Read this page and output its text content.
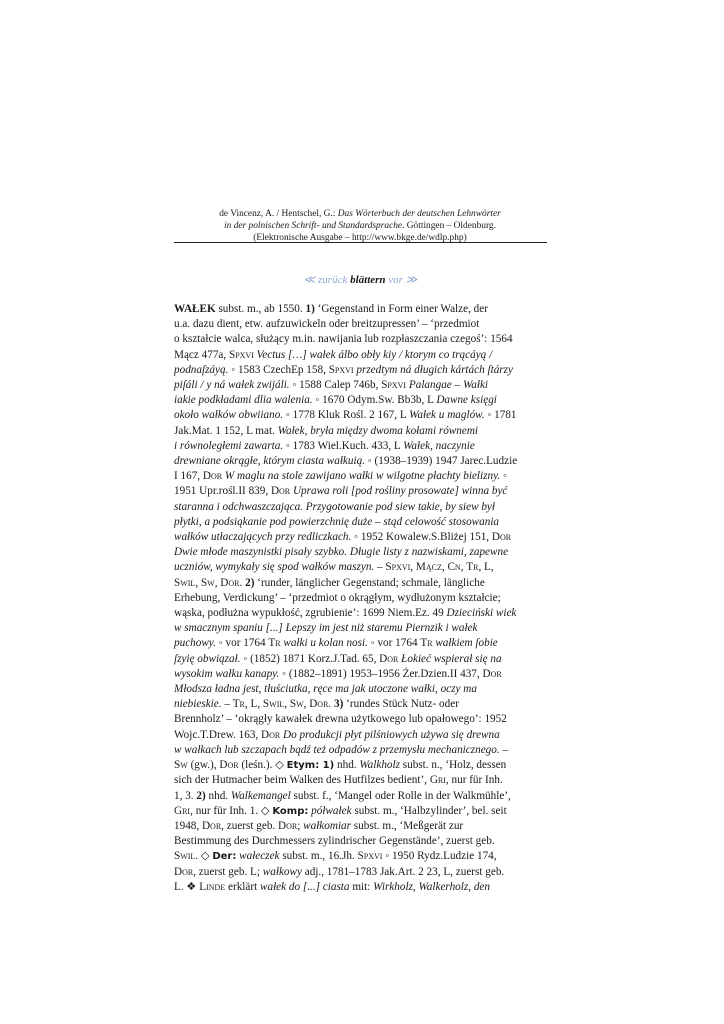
de Vincenz, A. / Hentschel, G.: Das Wörterbuch der deutschen Lehnwörter
in der polnischen Schrift- und Standardsprache. Göttingen – Oldenburg.
(Elektronische Ausgabe – http://www.bkge.de/wdlp.php)
≪ zurück blättern vor ≫
WAŁEK subst. m., ab 1550. 1) ‘Gegenstand in Form einer Walze, der
u.a. dazu dient, etw. aufzuwickeln oder breitzupressen’ – ‘przedmiot
o kształcie walca, służący m.in. nawijania lub rozpłaszczania czegoś’: 1564
Mącz 477a, Spxvi Vectus […] wałek álbo obły kiy / ktorym co trącáyą /
podnaſzáyą. ◦ 1583 CzechEp 158, Spxvi przedtym ná długich kártách ſtárzy
piſáli / y ná wałek zwijáli. ◦ 1588 Calep 746b, Spxvi Palangae – Wałki
iakie podkładami dlia walenia. ◦ 1670 Odym.Sw. Bb3b, L Dawne księgi
około wałków obwiiano. ◦ 1778 Kluk Rośl. 2 167, L Wałek u maglów. ◦ 1781
Jak.Mat. 1 152, L mat. Wałek, bryła między dwoma kołami równemi
i równoległemi zawarta. ◦ 1783 Wiel.Kuch. 433, L Wałek, naczynie
drewniane okrągłe, którym ciasta wałkuią. ◦ (1938–1939) 1947 Jarec.Ludzie
I 167, Dor W maglu na stole zawijano wałki w wilgotne płachty bielizny. ◦
1951 Upr.rośl.II 839, Dor Uprawa roli [pod rośliny prosowate] winna być
staranna i odchwaszczająca. Przygotowanie pod siew takie, by siew był
płytki, a podsiąkanie pod powierzchnię duże – stąd celowość stosowania
wałków utłaczających przy redliczkach. ◦ 1952 Kowalew.S.Bliżej 151, Dor
Dwie młode maszynistki pisały szybko. Długie listy z nazwiskami, zapewne
uczniów, wymykały się spod wałków maszyn. – Spxvi, Mącz, Cn, Tr, L,
Swil, Sw, Dor. 2) ‘runder, länglicher Gegenstand; schmale, längliche
Erhebung, Verdickung’ – ‘przedmiot o okrągłym, wydłużonym kształcie;
wąska, podłużna wypukłość, zgrubienie’: 1699 Niem.Ez. 49 Dzieciński wiek
w smacznym spaniu [...] Lepszy im jest niż staremu Piernzik i wałek
puchowy. ◦ vor 1764 Tr wałki u kolan nosi. ◦ vor 1764 Tr wałkiem ſobie
ſzyię obwiązał. ◦ (1852) 1871 Korz.J.Tad. 65, Dor Łokieć wspierał się na
wysokim wałku kanapy. ◦ (1882–1891) 1953–1956 Żer.Dzien.II 437, Dor
Młodsza ładna jest, tłuściutka, ręce ma jak utoczone wałki, oczy ma
niebieskie. – Tr, L, Swil, Sw, Dor. 3) ‘rundes Stück Nutz- oder
Brennholz’ – ‘okrągły kawałek drewna użytkowego lub opałowego’: 1952
Wojc.T.Drew. 163, Dor Do produkcji płyt pilśniowych używa się drewna
w wałkach lub szczapach bądź też odpadów z przemysłu mechanicznego. –
Sw (gw.), Dor (leśn.). ◇ Etym: 1) nhd. Walkholz subst. n., ‘Holz, dessen
sich der Hutmacher beim Walken des Hutfilzes bedient’, Gri, nur für Inh.
1, 3. 2) nhd. Walkemangel subst. f., ‘Mangel oder Rolle in der Walkmühle’,
Gri, nur für Inh. 1. ◇ Komp: półwałek subst. m., ‘Halbzylinder’, bel. seit
1948, Dor, zuerst geb. Dor; wałkomiar subst. m., ‘Meßgerät zur
Bestimmung des Durchmessers zylindrischer Gegenstände’, zuerst geb.
Swil. ◇ Der: wałeczek subst. m., 16.Jh. Spxvi ◦ 1950 Rydz.Ludzie 174,
Dor, zuerst geb. L; wałkowy adj., 1781–1783 Jak.Art. 2 23, L, zuerst geb.
L. ❖ Linde erklärt wałek do [...] ciasta mit: Wirkholz, Walkerholz, den
